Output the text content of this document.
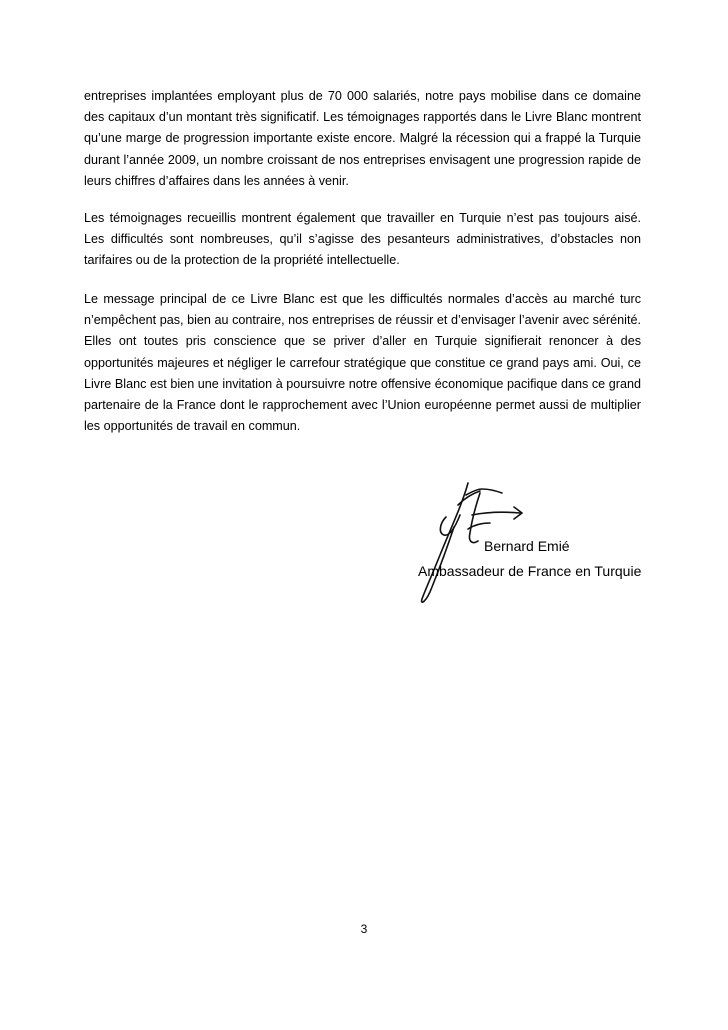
entreprises implantées employant plus de 70 000 salariés, notre pays mobilise dans ce domaine des capitaux d’un montant très significatif. Les témoignages rapportés dans le Livre Blanc montrent qu’une marge de progression importante existe encore. Malgré la récession qui a frappé la Turquie durant l’année 2009, un nombre croissant de nos entreprises envisagent une progression rapide de leurs chiffres d’affaires dans les années à venir.

Les témoignages recueillis montrent également que travailler en Turquie n’est pas toujours aisé. Les difficultés sont nombreuses, qu’il s’agisse des pesanteurs administratives, d’obstacles non tarifaires ou de la protection de la propriété intellectuelle.

Le message principal de ce Livre Blanc est que les difficultés normales d’accès au marché turc n’empêchent pas, bien au contraire, nos entreprises de réussir et d’envisager l’avenir avec sérénité. Elles ont toutes pris conscience que se priver d’aller en Turquie signifierait renoncer à des opportunités majeures et négliger le carrefour stratégique que constitue ce grand pays ami. Oui, ce Livre Blanc est bien une invitation à poursuivre notre offensive économique pacifique dans ce grand partenaire de la France dont le rapprochement avec l’Union européenne permet aussi de multiplier les opportunités de travail en commun.

Bernard Emié

Ambassadeur de France en Turquie

3
